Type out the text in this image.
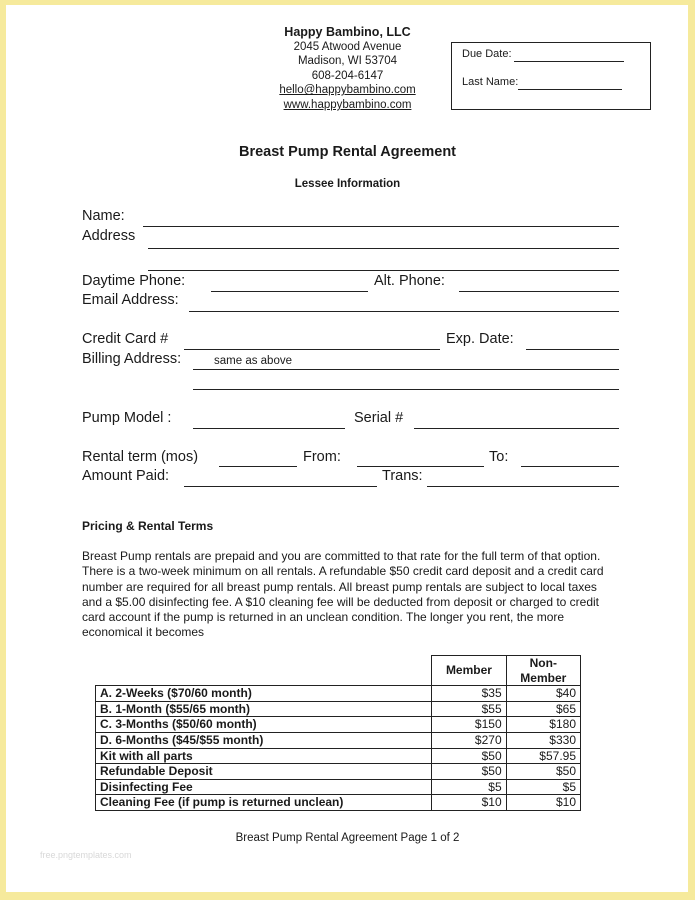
Happy Bambino, LLC
2045 Atwood Avenue
Madison, WI 53704
608-204-6147
hello@happybambino.com
www.happybambino.com
Due Date:
Last Name:
Breast Pump Rental Agreement
Lessee Information
Name:
Address
Daytime Phone:	Alt. Phone:
Email Address:
Credit Card #	Exp. Date:
Billing Address:	same as above
Pump Model :	Serial #
Rental term (mos)	From:	To:
Amount Paid:	Trans:
Pricing & Rental Terms
Breast Pump rentals are prepaid and you are committed to that rate for the full term of that option. There is a two-week minimum on all rentals. A refundable $50 credit card deposit and a credit card number are required for all breast pump rentals. All breast pump rentals are subject to local taxes and a $5.00 disinfecting fee. A $10 cleaning fee will be deducted from deposit or charged to credit card account if the pump is returned in an unclean condition. The longer you rent, the more economical it becomes
	Member	Non-Member
A. 2-Weeks ($70/60 month)	$35	$40
B. 1-Month ($55/65 month)	$55	$65
C. 3-Months ($50/60 month)	$150	$180
D. 6-Months ($45/$55 month)	$270	$330
Kit with all parts	$50	$57.95
Refundable Deposit	$50	$50
Disinfecting Fee	$5	$5
Cleaning Fee (if pump is returned unclean)	$10	$10
Breast Pump Rental Agreement Page 1 of 2
free.pngtemplates.com
